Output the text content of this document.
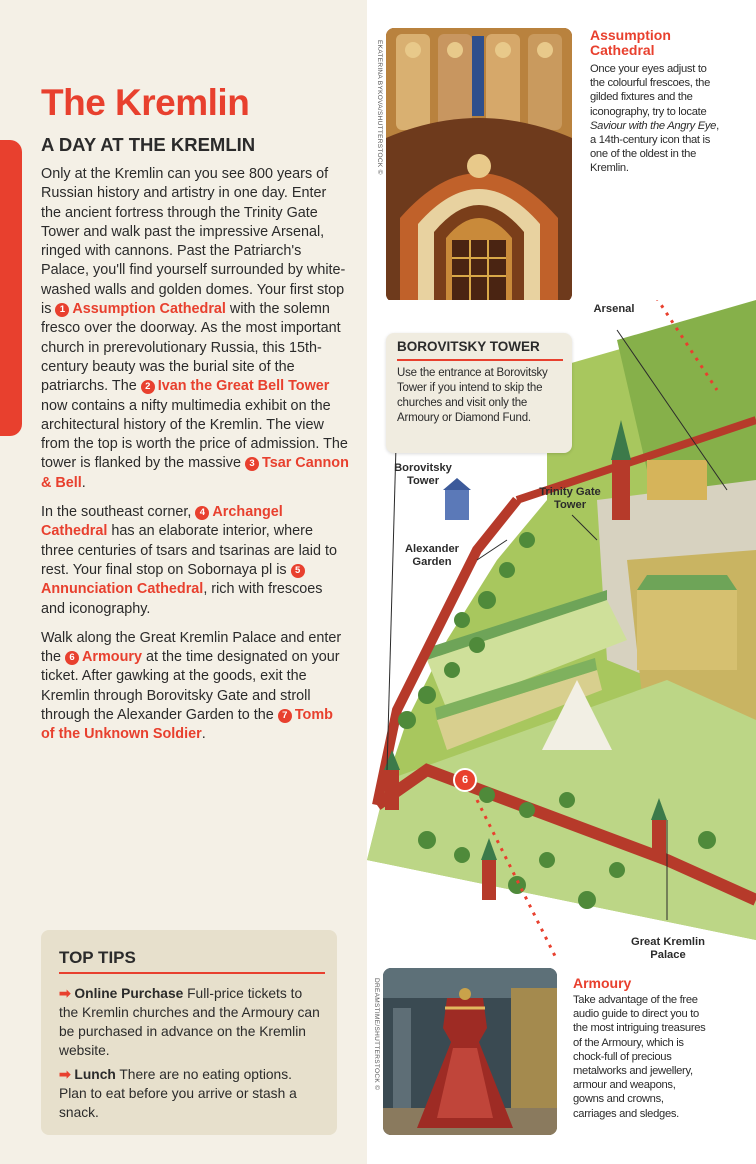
The Kremlin
A DAY AT THE KREMLIN

Only at the Kremlin can you see 800 years of Russian history and artistry in one day. Enter the ancient fortress through the Trinity Gate Tower and walk past the impressive Arsenal, ringed with cannons. Past the Patriarch's Palace, you'll find yourself surrounded by white-washed walls and golden domes. Your first stop is 1 Assumption Cathedral with the solemn fresco over the doorway. As the most important church in prerevolutionary Russia, this 15th-century beauty was the burial site of the patriarchs. The 2 Ivan the Great Bell Tower now contains a nifty multimedia exhibit on the architectural history of the Kremlin. The view from the top is worth the price of admission. The tower is flanked by the massive 3 Tsar Cannon & Bell.

In the southeast corner, 4 Archangel Cathedral has an elaborate interior, where three centuries of tsars and tsarinas are laid to rest. Your final stop on Sobornaya pl is 5Annunciation Cathedral, rich with frescoes and iconography.

Walk along the Great Kremlin Palace and enter the 6 Armoury at the time designated on your ticket. After gawking at the goods, exit the Kremlin through Borovitsky Gate and stroll through the Alexander Garden to the 7 Tomb of the Unknown Soldier.

TOP TIPS

➡ Online Purchase Full-price tickets to the Kremlin churches and the Armoury can be purchased in advance on the Kremlin website.

➡ Lunch There are no eating options. Plan to eat before you arrive or stash a snack.

EKATERINA BYKOVA/SHUTTERSTOCK ©
Assumption Cathedral
Once your eyes adjust to the colourful frescoes, the gilded fixtures and the iconography, try to locate Saviour with the Angry Eye, a 14th-century icon that is one of the oldest in the Kremlin.
BOROVITSKY TOWER

Use the entrance at Borovitsky Tower if you intend to skip the churches and visit only the Armoury or Diamond Fund.

Arsenal
Borovitsky Tower
Trinity Gate Tower
Alexander Garden
Great Kremlin Palace
6
DREAMSTIME/SHUTTERSTOCK ©	Armoury
Take advantage of the free audio guide to direct you to the most intriguing treasures of the Armoury, which is chock-full of precious metalworks and jewellery, armour and weapons, gowns and crowns, carriages and sledges.
